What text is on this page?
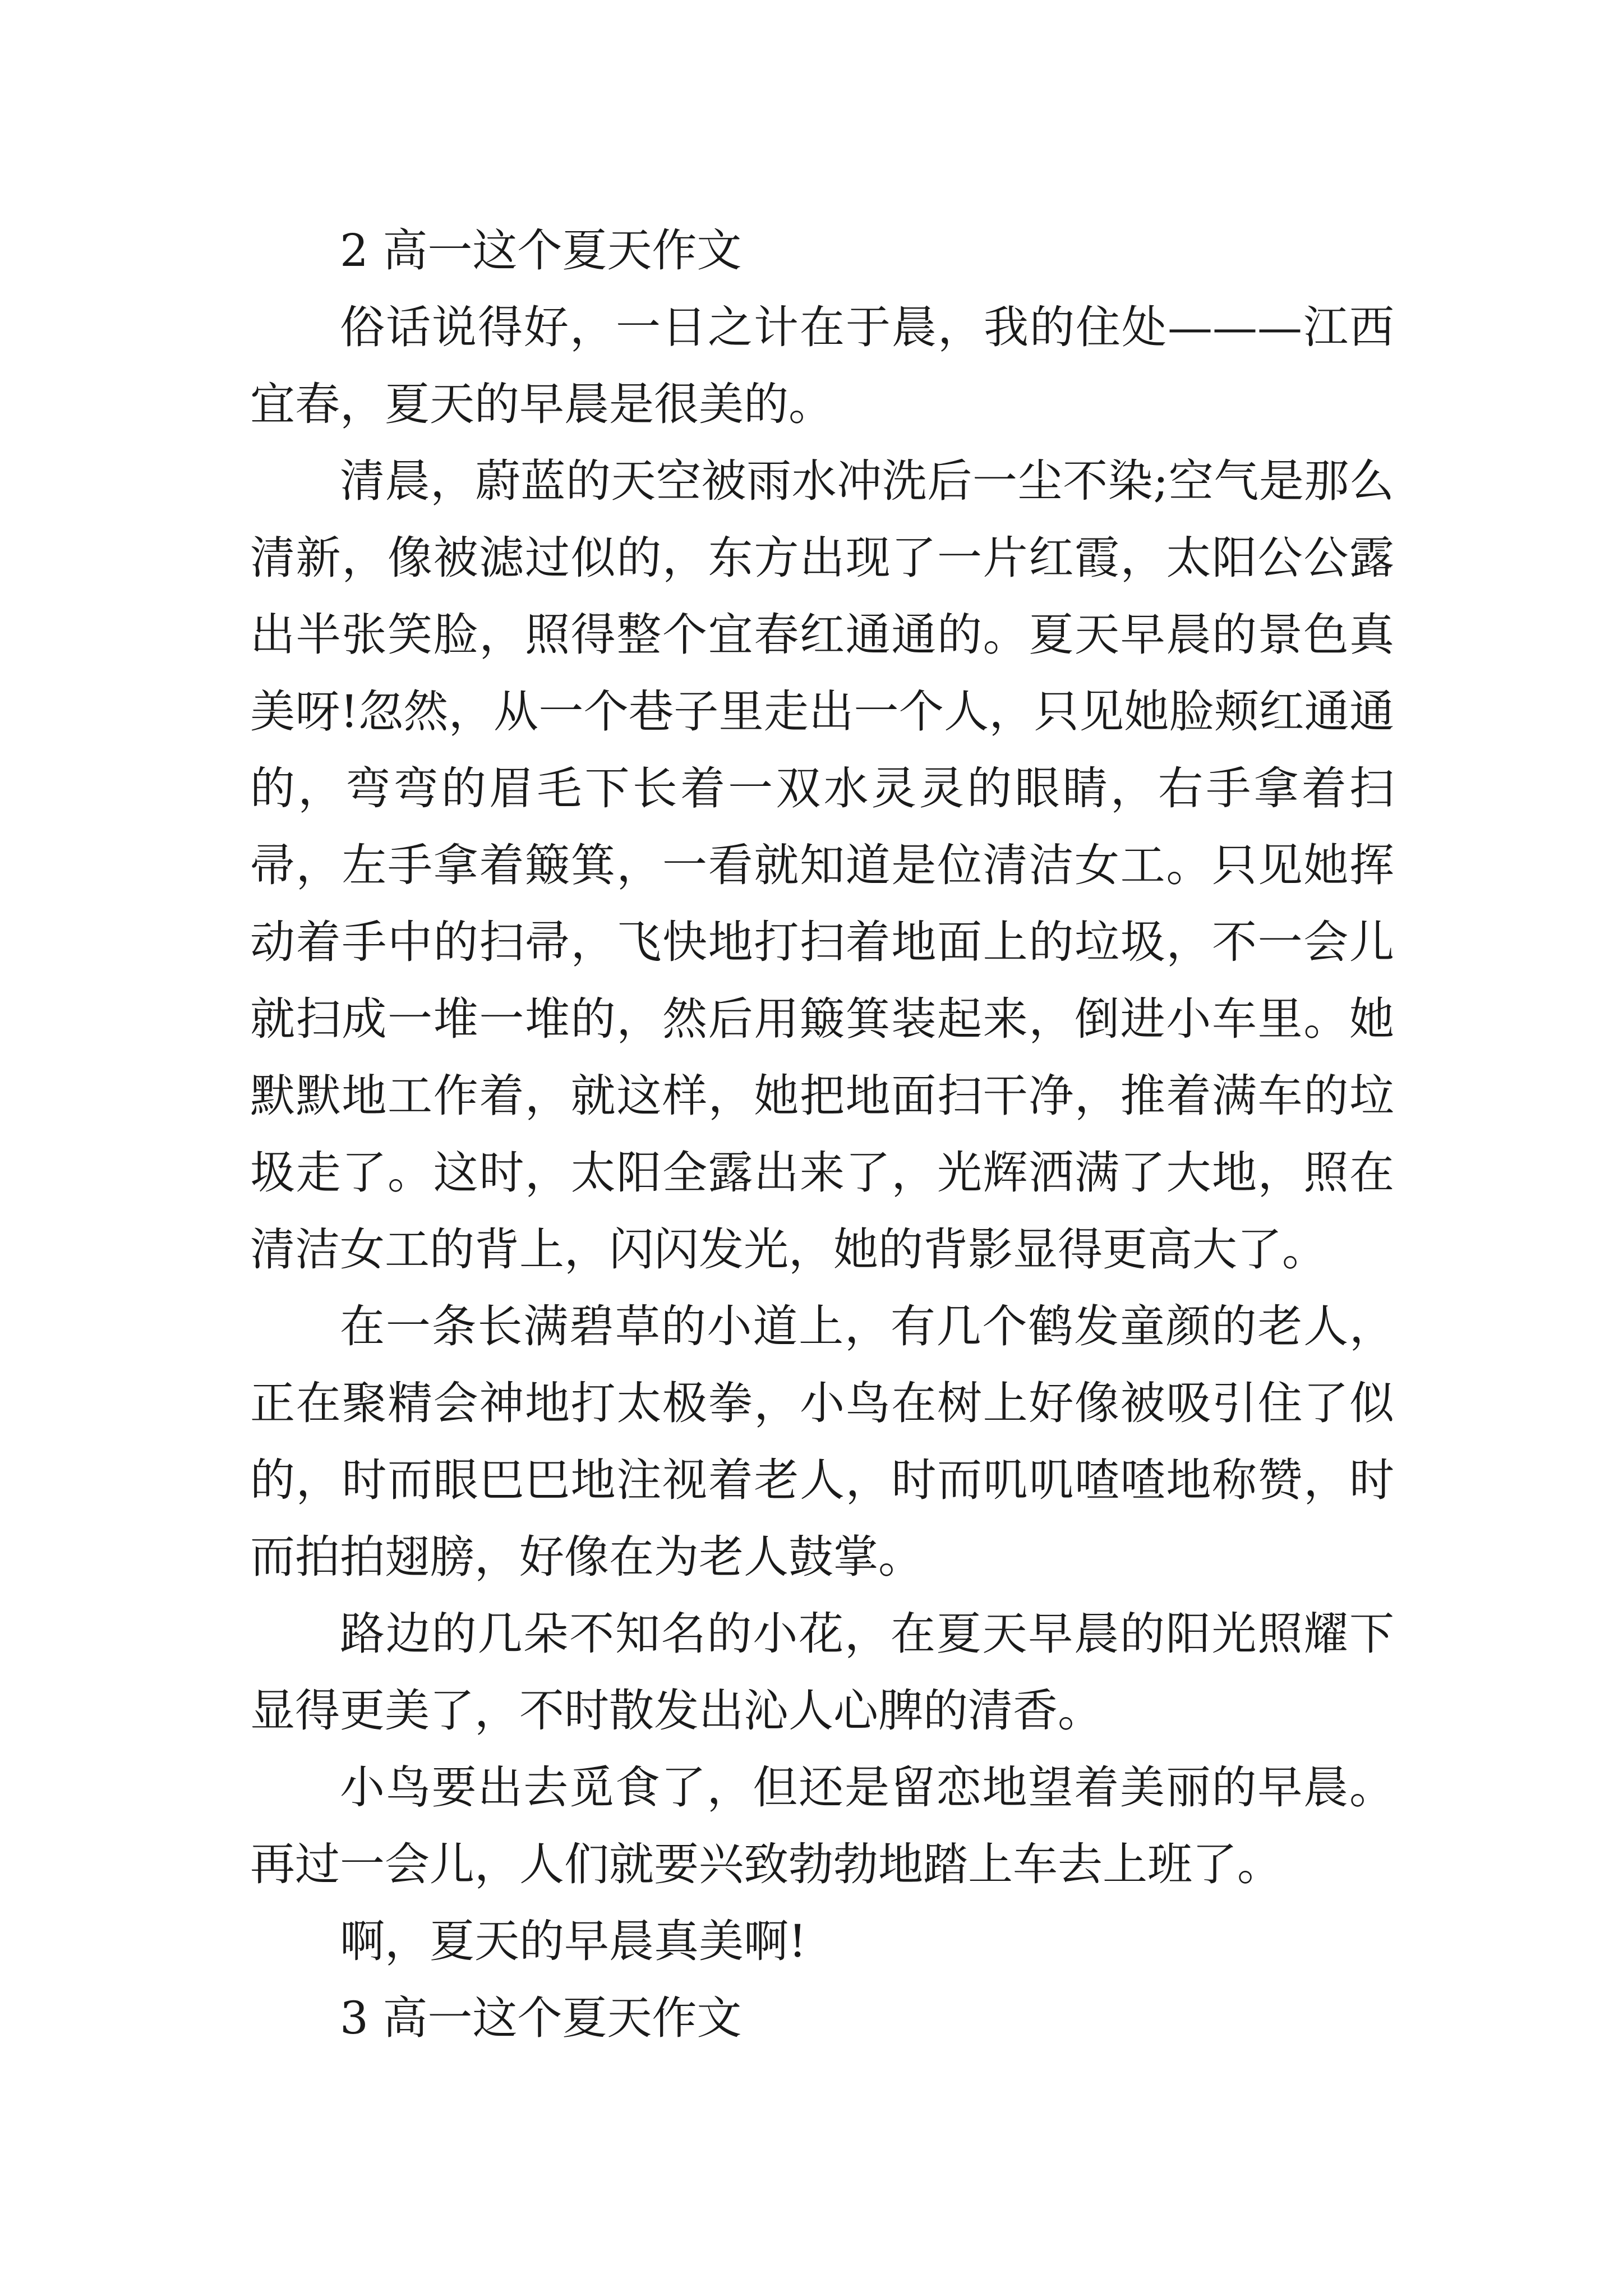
2 高一这个夏天作文

俗话说得好，一日之计在于晨，我的住处———江西宜春，夏天的早晨是很美的。

清晨，蔚蓝的天空被雨水冲洗后一尘不染;空气是那么清新，像被滤过似的，东方出现了一片红霞，太阳公公露出半张笑脸，照得整个宜春红通通的。夏天早晨的景色真美呀!忽然，从一个巷子里走出一个人，只见她脸颊红通通的，弯弯的眉毛下长着一双水灵灵的眼睛，右手拿着扫帚，左手拿着簸箕，一看就知道是位清洁女工。只见她挥动着手中的扫帚，飞快地打扫着地面上的垃圾，不一会儿就扫成一堆一堆的，然后用簸箕装起来，倒进小车里。她默默地工作着，就这样，她把地面扫干净，推着满车的垃圾走了。这时，太阳全露出来了，光辉洒满了大地，照在清洁女工的背上，闪闪发光，她的背影显得更高大了。

在一条长满碧草的小道上，有几个鹤发童颜的老人，正在聚精会神地打太极拳，小鸟在树上好像被吸引住了似的，时而眼巴巴地注视着老人，时而叽叽喳喳地称赞，时而拍拍翅膀，好像在为老人鼓掌。

路边的几朵不知名的小花，在夏天早晨的阳光照耀下显得更美了，不时散发出沁人心脾的清香。

小鸟要出去觅食了，但还是留恋地望着美丽的早晨。再过一会儿，人们就要兴致勃勃地踏上车去上班了。

啊，夏天的早晨真美啊!

3 高一这个夏天作文
